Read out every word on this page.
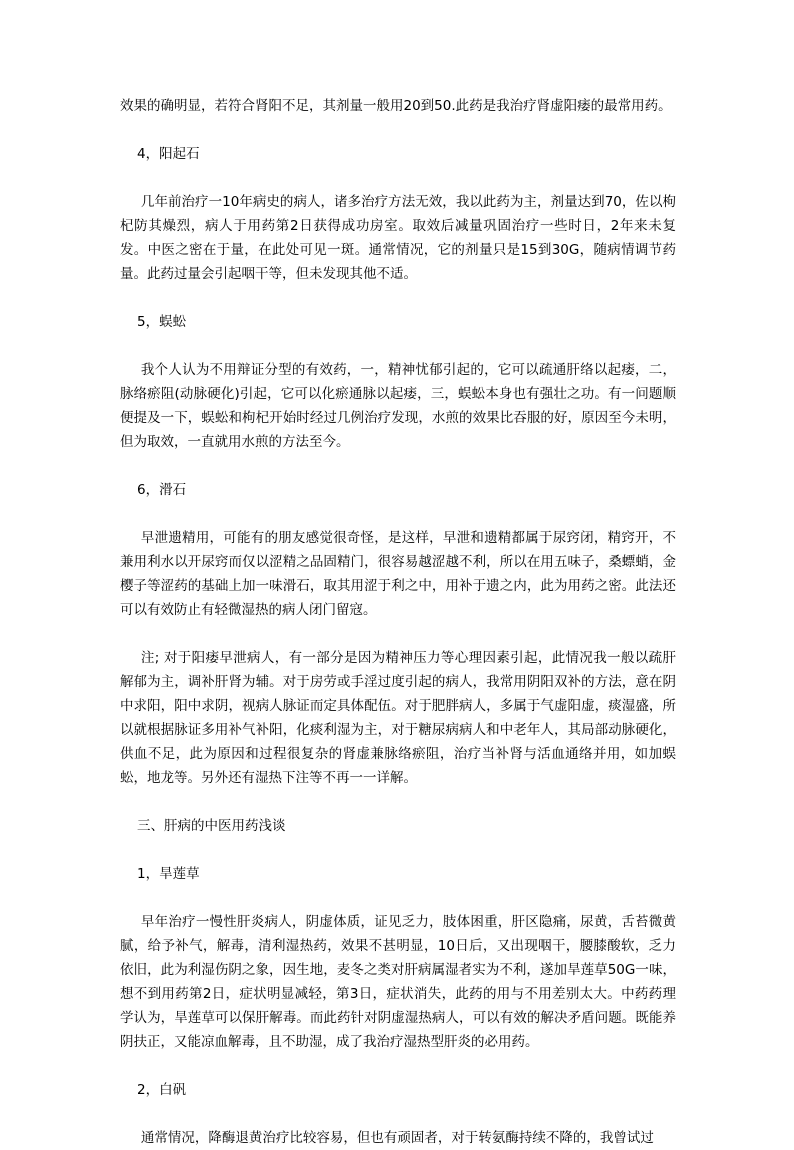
效果的确明显，若符合肾阳不足，其剂量一般用20到50.此药是我治疗肾虚阳痿的最常用药。

4，阳起石

几年前治疗一10年病史的病人，诸多治疗方法无效，我以此药为主，剂量达到70，佐以枸杞防其燥烈，病人于用药第2日获得成功房室。取效后减量巩固治疗一些时日，2年来未复发。中医之密在于量，在此处可见一斑。通常情况，它的剂量只是15到30G，随病情调节药量。此药过量会引起咽干等，但未发现其他不适。

5，蜈蚣

我个人认为不用辩证分型的有效药，一，精神忧郁引起的，它可以疏通肝络以起痿，二，脉络瘀阻(动脉硬化)引起，它可以化瘀通脉以起痿，三，蜈蚣本身也有强壮之功。有一问题顺便提及一下，蜈蚣和枸杞开始时经过几例治疗发现，水煎的效果比吞服的好，原因至今未明，但为取效，一直就用水煎的方法至今。

6，滑石

早泄遗精用，可能有的朋友感觉很奇怪，是这样，早泄和遗精都属于尿窍闭，精窍开，不兼用利水以开尿窍而仅以涩精之品固精门，很容易越涩越不利，所以在用五味子，桑螵蛸，金樱子等涩药的基础上加一味滑石，取其用涩于利之中，用补于遗之内，此为用药之密。此法还可以有效防止有轻微湿热的病人闭门留寇。

注; 对于阳痿早泄病人，有一部分是因为精神压力等心理因素引起，此情况我一般以疏肝解郁为主，调补肝肾为辅。对于房劳或手淫过度引起的病人，我常用阴阳双补的方法，意在阴中求阳，阳中求阴，视病人脉证而定具体配伍。对于肥胖病人，多属于气虚阳虚，痰湿盛，所以就根据脉证多用补气补阳，化痰利湿为主，对于糖尿病病人和中老年人，其局部动脉硬化，供血不足，此为原因和过程很复杂的肾虚兼脉络瘀阻，治疗当补肾与活血通络并用，如加蜈蚣，地龙等。另外还有湿热下注等不再一一详解。

三、肝病的中医用药浅谈

1，旱莲草

早年治疗一慢性肝炎病人，阴虚体质，证见乏力，肢体困重，肝区隐痛，尿黄，舌苔微黄腻，给予补气，解毒，清利湿热药，效果不甚明显，10日后，又出现咽干，腰膝酸软，乏力依旧，此为利湿伤阴之象，因生地，麦冬之类对肝病属湿者实为不利，遂加旱莲草50G一味，想不到用药第2日，症状明显减轻，第3日，症状消失，此药的用与不用差别太大。中药药理学认为，旱莲草可以保肝解毒。而此药针对阴虚湿热病人，可以有效的解决矛盾问题。既能养阴扶正，又能凉血解毒，且不助湿，成了我治疗湿热型肝炎的必用药。

2，白矾

通常情况，降酶退黄治疗比较容易，但也有顽固者，对于转氨酶持续不降的，我曾试过
